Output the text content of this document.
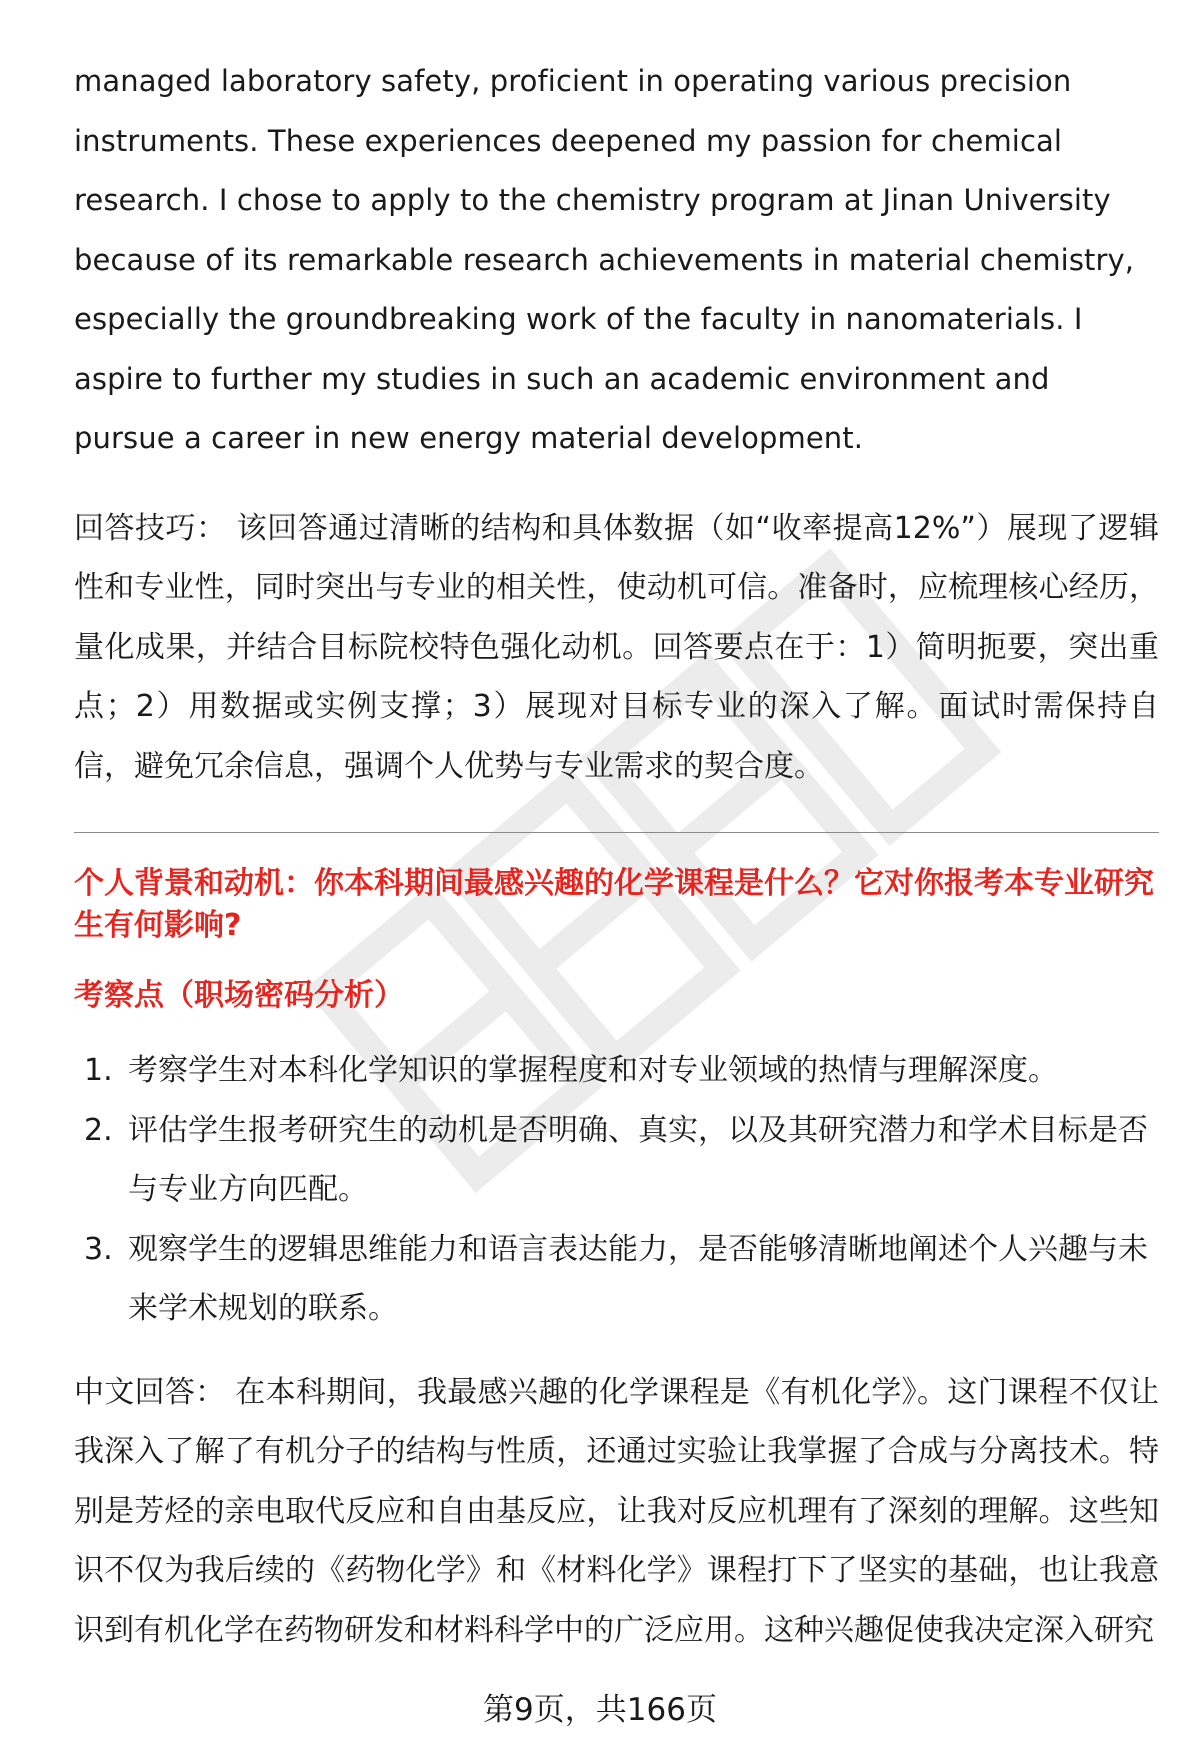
managed laboratory safety, proficient in operating various precision instruments. These experiences deepened my passion for chemical research. I chose to apply to the chemistry program at Jinan University because of its remarkable research achievements in material chemistry, especially the groundbreaking work of the faculty in nanomaterials. I aspire to further my studies in such an academic environment and pursue a career in new energy material development.

回答技巧： 该回答通过清晰的结构和具体数据（如“收率提高12%”）展现了逻辑性和专业性，同时突出与专业的相关性，使动机可信。准备时，应梳理核心经历，量化成果，并结合目标院校特色强化动机。回答要点在于：1）简明扼要，突出重点；2）用数据或实例支撑；3）展现对目标专业的深入了解。面试时需保持自信，避免冗余信息，强调个人优势与专业需求的契合度。

个人背景和动机：你本科期间最感兴趣的化学课程是什么？它对你报考本专业研究生有何影响?

考察点（职场密码分析）

1. 考察学生对本科化学知识的掌握程度和对专业领域的热情与理解深度。
2. 评估学生报考研究生的动机是否明确、真实，以及其研究潜力和学术目标是否与专业方向匹配。
3. 观察学生的逻辑思维能力和语言表达能力，是否能够清晰地阐述个人兴趣与未来学术规划的联系。

中文回答： 在本科期间，我最感兴趣的化学课程是《有机化学》。这门课程不仅让我深入了解了有机分子的结构与性质，还通过实验让我掌握了合成与分离技术。特别是芳烃的亲电取代反应和自由基反应，让我对反应机理有了深刻的理解。这些知识不仅为我后续的《药物化学》和《材料化学》课程打下了坚实的基础，也让我意识到有机化学在药物研发和材料科学中的广泛应用。这种兴趣促使我决定深入研究

第9页，共166页
